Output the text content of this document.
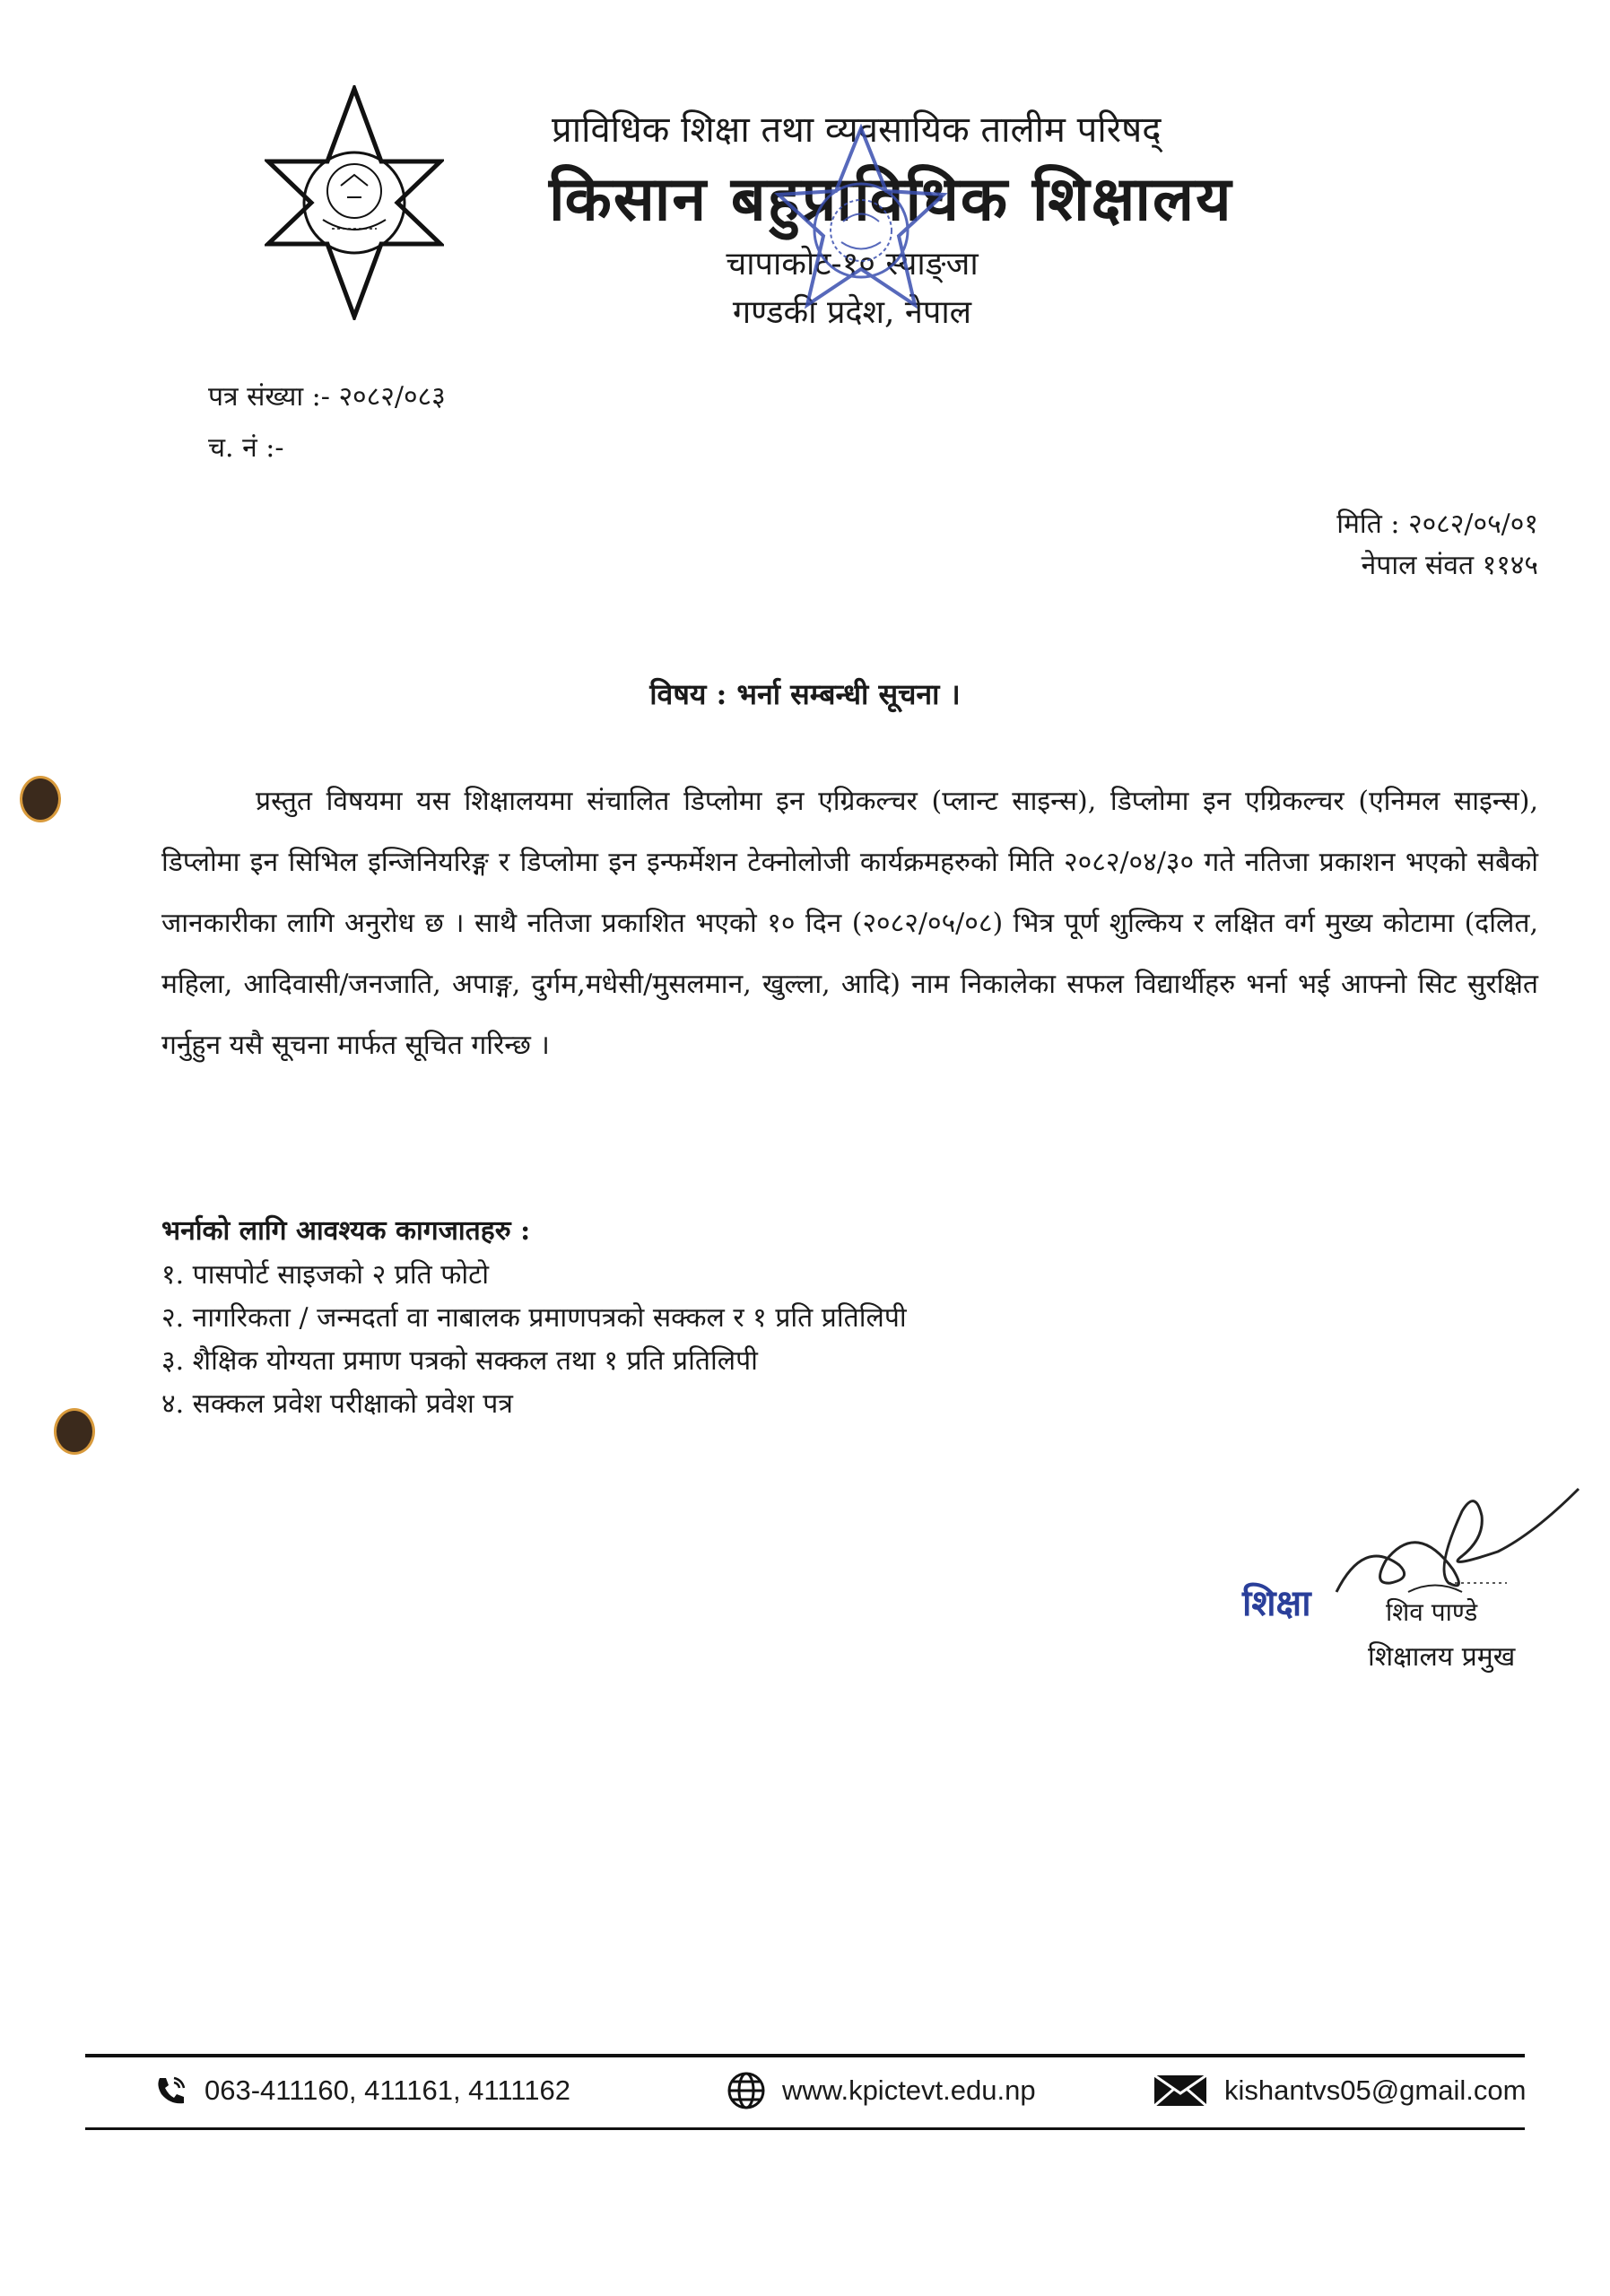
प्राविधिक शिक्षा तथा व्यवसायिक तालीम परिषद्
किसान बहुप्राविधिक शिक्षालय
चापाकोट-१० स्याङ्जा
गण्डकी प्रदेश, नेपाल
पत्र संख्या :- २०८२/०८३
च. नं :-
मिति : २०८२/०५/०१
नेपाल संवत ११४५
विषय : भर्ना सम्बन्धी सूचना ।
प्रस्तुत विषयमा यस शिक्षालयमा संचालित डिप्लोमा इन एग्रिकल्चर (प्लान्ट साइन्स), डिप्लोमा इन एग्रिकल्चर (एनिमल साइन्स), डिप्लोमा इन सिभिल इन्जिनियरिङ्ग र डिप्लोमा इन इन्फर्मेशन टेक्नोलोजी कार्यक्रमहरुको मिति २०८२/०४/३० गते नतिजा प्रकाशन भएको सबैको जानकारीका लागि अनुरोध छ । साथै नतिजा प्रकाशित भएको १० दिन (२०८२/०५/०८) भित्र पूर्ण शुल्किय र लक्षित वर्ग मुख्य कोटामा (दलित, महिला, आदिवासी/जनजाति, अपाङ्ग, दुर्गम,मधेसी/मुसलमान, खुल्ला, आदि) नाम निकालेका सफल विद्यार्थीहरु भर्ना भई आफ्नो सिट सुरक्षित गर्नुहुन यसै सूचना मार्फत सूचित गरिन्छ ।
भर्नाको लागि आवश्यक कागजातहरु :
१. पासपोर्ट साइजको २ प्रति फोटो
२. नागरिकता / जन्मदर्ता वा नाबालक प्रमाणपत्रको सक्कल र १ प्रति प्रतिलिपी
३. शैक्षिक योग्यता प्रमाण पत्रको सक्कल तथा १ प्रति प्रतिलिपी
४. सक्कल प्रवेश परीक्षाको प्रवेश पत्र
शिक्षा	शिव पाण्डे
शिक्षालय प्रमुख
063-411160, 411161, 4111162	www.kpictevt.edu.np	kishantvs05@gmail.com
